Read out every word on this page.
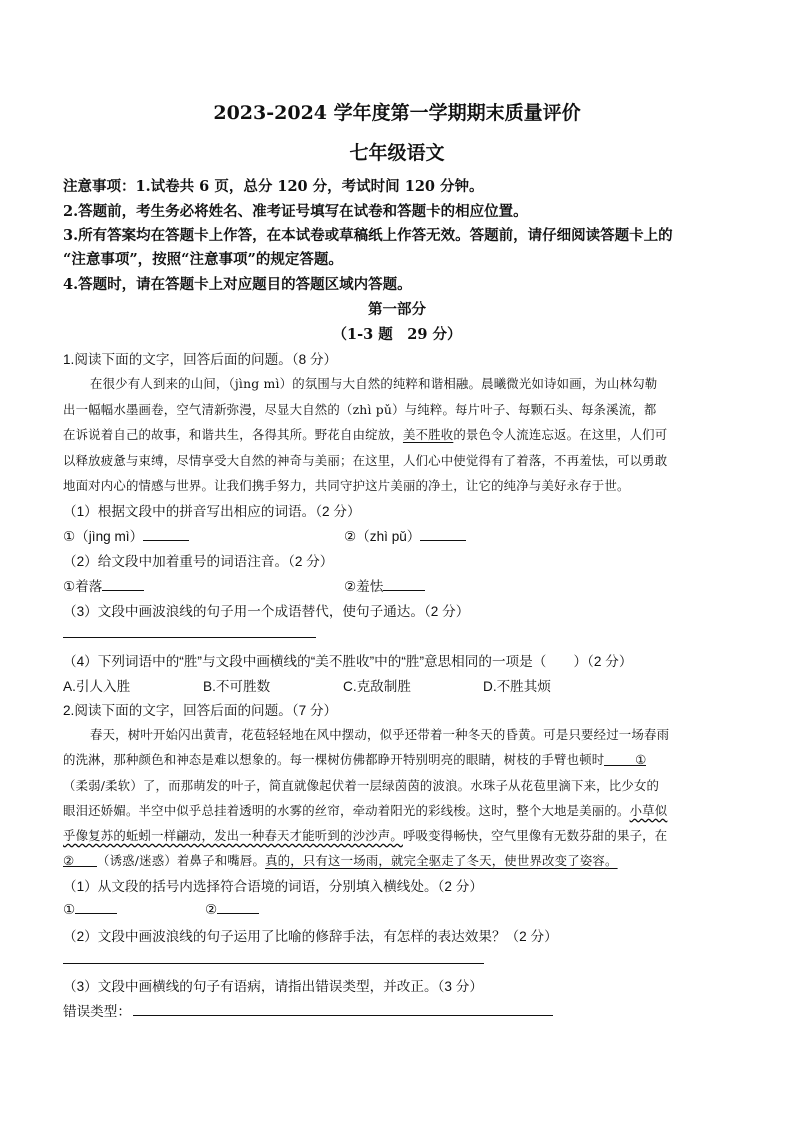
2023-2024 学年度第一学期期末质量评价
七年级语文
注意事项：1.试卷共 6 页，总分 120 分，考试时间 120 分钟。
2.答题前，考生务必将姓名、准考证号填写在试卷和答题卡的相应位置。
3.所有答案均在答题卡上作答，在本试卷或草稿纸上作答无效。答题前，请仔细阅读答题卡上的
“注意事项”，按照“注意事项”的规定答题。
4.答题时，请在答题卡上对应题目的答题区域内答题。
第一部分
（1-3 题　29 分）
1.阅读下面的文字，回答后面的问题。（8 分）
在很少有人到来的山间，（jìng mì）的氛围与大自然的纯粹和谐相融。晨曦微光如诗如画，为山林勾勒
出一幅幅水墨画卷，空气清新弥漫，尽显大自然的（zhì pǔ）与纯粹。每片叶子、每颗石头、每条溪流，都
在诉说着自己的故事，和谐共生，各得其所。野花自由绽放，美不胜收的景色令人流连忘返。在这里，人们可
以释放疲惫与束缚，尽情享受大自然的神奇与美丽；在这里，人们心中使觉得有了着落，不再羞怯，可以勇敢
地面对内心的情感与世界。让我们携手努力，共同守护这片美丽的净土，让它的纯净与美好永存于世。
（1）根据文段中的拼音写出相应的词语。（2 分）
①（jìng mì）	②（zhì pǔ）
（2）给文段中加着重号的词语注音。（2 分）
①着落	②羞怯
（3）文段中画波浪线的句子用一个成语替代，使句子通达。（2 分）
（4）下列词语中的“胜”与文段中画横线的“美不胜收”中的“胜”意思相同的一项是（　　）（2 分）
A.引人入胜	B.不可胜数	C.克敌制胜	D.不胜其烦
2.阅读下面的文字，回答后面的问题。（7 分）
春天，树叶开始闪出黄青，花苞轻轻地在风中摆动，似乎还带着一种冬天的昏黄。可是只要经过一场春雨
的洗淋，那种颜色和神态是难以想象的。每一棵树仿佛都睁开特别明亮的眼睛，树枝的手臂也顿时 ①
（柔弱/柔软）了，而那萌发的叶子，简直就像起伏着一层绿茵茵的波浪。水珠子从花苞里滴下来，比少女的
眼泪还娇媚。半空中似乎总挂着透明的水雾的丝帘，牵动着阳光的彩线梭。这时，整个大地是美丽的。小草似
乎像复苏的蚯蚓一样翩动，发出一种春天才能听到的沙沙声。呼吸变得畅快，空气里像有无数芬甜的果子，在
② （诱惑/迷惑）着鼻子和嘴唇。真的，只有这一场雨，就完全驱走了冬天，使世界改变了姿容。
（1）从文段的括号内选择符合语境的词语，分别填入横线处。（2 分）
①	②
（2）文段中画波浪线的句子运用了比喻的修辞手法，有怎样的表达效果？（2 分）
（3）文段中画横线的句子有语病，请指出错误类型，并改正。（3 分）
错误类型：
